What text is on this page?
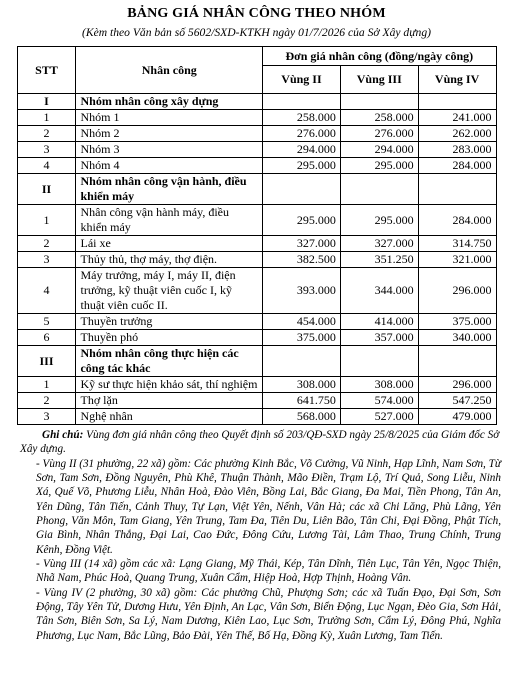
BẢNG GIÁ NHÂN CÔNG THEO NHÓM
(Kèm theo Văn bản số 5602/SXD-KTKH ngày 01/7/2026 của Sở Xây dựng)
STT	Nhân công	Đơn giá nhân công (đồng/ngày công)		
		Vùng II	Vùng III	Vùng IV
I	Nhóm nhân công xây dựng			
1	Nhóm 1	258.000	258.000	241.000
2	Nhóm 2	276.000	276.000	262.000
3	Nhóm 3	294.000	294.000	283.000
4	Nhóm 4	295.000	295.000	284.000
II	Nhóm nhân công vận hành, điều khiển máy			
1	Nhân công vận hành máy, điều khiển máy	295.000	295.000	284.000
2	Lái xe	327.000	327.000	314.750
3	Thủy thủ, thợ máy, thợ điện.	382.500	351.250	321.000
4	Máy trưởng, máy I, máy II, điện trưởng, kỹ thuật viên cuốc I, kỹ thuật viên cuốc II.	393.000	344.000	296.000
5	Thuyền trưởng	454.000	414.000	375.000
6	Thuyền phó	375.000	357.000	340.000
III	Nhóm nhân công thực hiện các công tác khác			
1	Kỹ sư thực hiện khảo sát, thí nghiệm	308.000	308.000	296.000
2	Thợ lặn	641.750	574.000	547.250
3	Nghệ nhân	568.000	527.000	479.000
Ghi chú: Vùng đơn giá nhân công theo Quyết định số 203/QĐ-SXD ngày 25/8/2025 của Giám đốc Sở Xây dựng.
- Vùng II (31 phường, 22 xã) gồm: Các phường Kinh Bắc, Võ Cường, Vũ Ninh, Hạp Lĩnh, Nam Sơn, Từ Sơn, Tam Sơn, Đồng Nguyên, Phù Khê, Thuận Thành, Mão Điền, Trạm Lộ, Trí Quả, Song Liễu, Ninh Xá, Quế Võ, Phương Liễu, Nhân Hoà, Đào Viên, Bồng Lai, Bắc Giang, Đa Mai, Tiền Phong, Tân An, Yên Dũng, Tân Tiến, Cảnh Thuy, Tự Lạn, Việt Yên, Nếnh, Vân Hà; các xã Chi Lăng, Phù Lãng, Yên Phong, Văn Môn, Tam Giang, Yên Trung, Tam Đa, Tiên Du, Liên Bão, Tân Chi, Đại Đồng, Phật Tích, Gia Bình, Nhân Thắng, Đại Lai, Cao Đức, Đông Cứu, Lương Tài, Lâm Thao, Trung Chính, Trung Kênh, Đồng Việt.
- Vùng III (14 xã) gồm các xã: Lạng Giang, Mỹ Thái, Kép, Tân Dĩnh, Tiên Lục, Tân Yên, Ngọc Thiện, Nhã Nam, Phúc Hoà, Quang Trung, Xuân Cẩm, Hiệp Hoà, Hợp Thịnh, Hoàng Vân.
- Vùng IV (2 phường, 30 xã) gồm: Các phường Chũ, Phượng Sơn; các xã Tuấn Đạo, Đại Sơn, Sơn Động, Tây Yên Tử, Dương Hưu, Yên Định, An Lạc, Vân Sơn, Biển Động, Lục Ngạn, Đèo Gia, Sơn Hải, Tân Sơn, Biên Sơn, Sa Lý, Nam Dương, Kiên Lao, Lục Sơn, Trường Sơn, Cẩm Lý, Đông Phú, Nghĩa Phương, Lục Nam, Bắc Lũng, Bảo Đài, Yên Thế, Bố Hạ, Đồng Kỳ, Xuân Lương, Tam Tiến.
